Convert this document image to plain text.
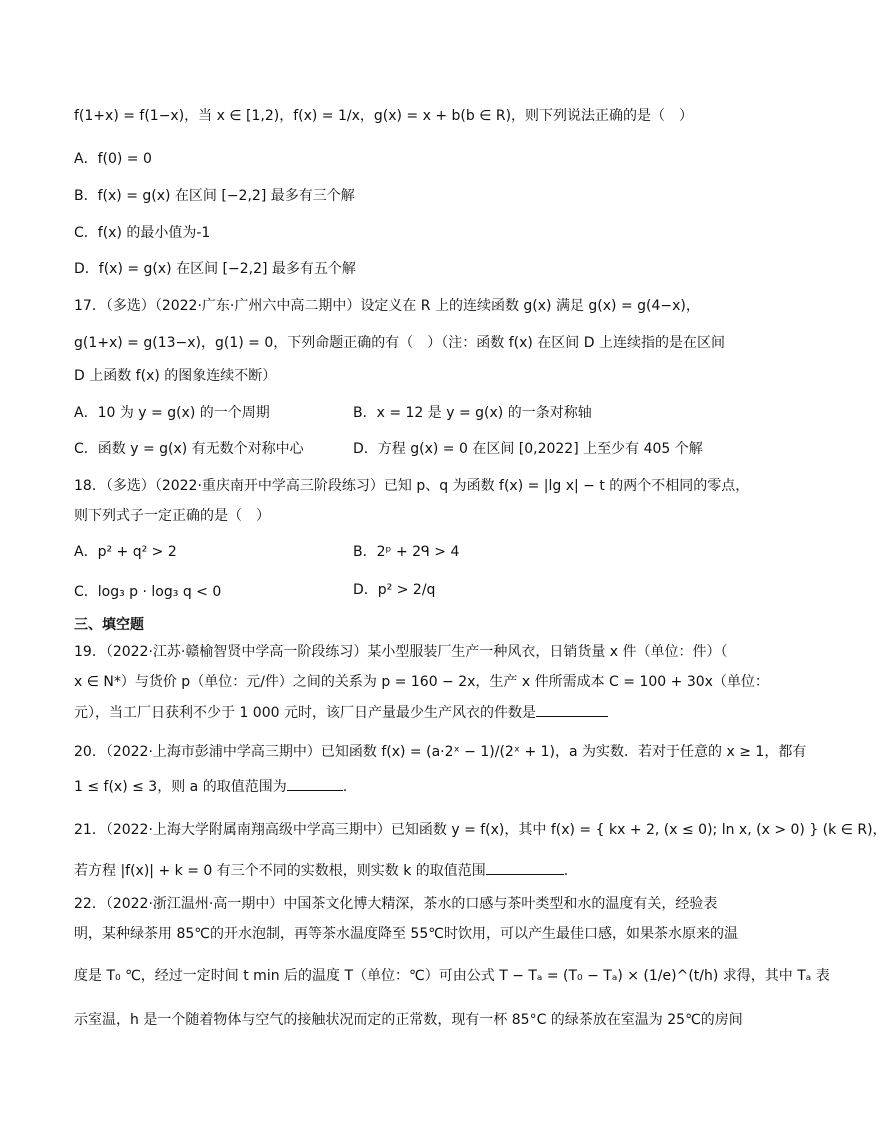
f(1+x) = f(1−x)，当 x ∈ [1,2)，f(x) = 1/x，g(x) = x + b(b ∈ R)，则下列说法正确的是（　）
A．f(0) = 0
B．f(x) = g(x) 在区间 [−2,2] 最多有三个解
C．f(x) 的最小值为-1
D．f(x) = g(x) 在区间 [−2,2] 最多有五个解
17．（多选）（2022·广东·广州六中高二期中）设定义在 R 上的连续函数 g(x) 满足 g(x) = g(4−x)，
g(1+x) = g(13−x)，g(1) = 0，下列命题正确的有（　）（注：函数 f(x) 在区间 D 上连续指的是在区间
D 上函数 f(x) 的图象连续不断）
A．10 为 y = g(x) 的一个周期	B．x = 12 是 y = g(x) 的一条对称轴
C．函数 y = g(x) 有无数个对称中心	D．方程 g(x) = 0 在区间 [0,2022] 上至少有 405 个解
18．（多选）（2022·重庆南开中学高三阶段练习）已知 p、q 为函数 f(x) = |lg x| − t 的两个不相同的零点，
则下列式子一定正确的是（　）
A．p² + q² > 2	B．2ᵖ + 2ᑫ > 4
C．log₃ p · log₃ q < 0	D．p² > 2/q
三、填空题
19．（2022·江苏·赣榆智贤中学高一阶段练习）某小型服装厂生产一种风衣，日销货量 x 件（单位：件）（
x ∈ N*）与货价 p（单位：元/件）之间的关系为 p = 160 − 2x，生产 x 件所需成本 C = 100 + 30x（单位：
元），当工厂日获利不少于 1 000 元时，该厂日产量最少生产风衣的件数是
20．（2022·上海市彭浦中学高三期中）已知函数 f(x) = (a·2ˣ − 1)/(2ˣ + 1)，a 为实数．若对于任意的 x ≥ 1，都有
1 ≤ f(x) ≤ 3，则 a 的取值范围为	.
21．（2022·上海大学附属南翔高级中学高三期中）已知函数 y = f(x)，其中 f(x) = { kx + 2, (x ≤ 0); ln x, (x > 0) } (k ∈ R)，
若方程 |f(x)| + k = 0 有三个不同的实数根，则实数 k 的取值范围	.
22．（2022·浙江温州·高一期中）中国茶文化博大精深，茶水的口感与茶叶类型和水的温度有关，经验表
明，某种绿茶用 85℃的开水泡制，再等茶水温度降至 55℃时饮用，可以产生最佳口感，如果茶水原来的温
度是 T₀ ℃，经过一定时间 t min 后的温度 T（单位：℃）可由公式 T − Tₐ = (T₀ − Tₐ) × (1/e)^(t/h) 求得，其中 Tₐ 表
示室温，h 是一个随着物体与空气的接触状况而定的正常数，现有一杯 85°C 的绿茶放在室温为 25℃的房间
